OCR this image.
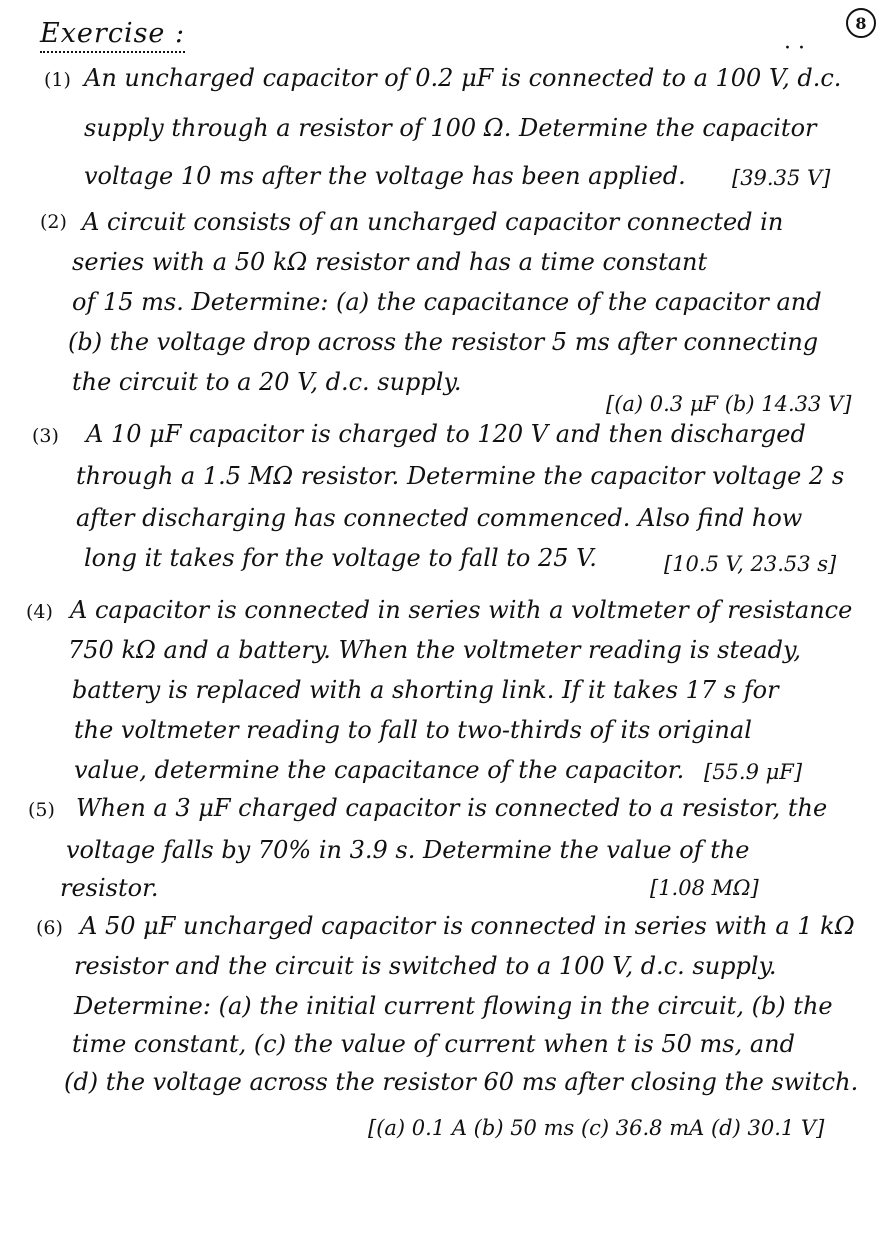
Exercise :	8
· ·
(1) An uncharged capacitor of 0.2 μF is connected to a 100 V, d.c.
supply through a resistor of 100 Ω. Determine the capacitor
voltage 10 ms after the voltage has been applied. [39.35 V]
(2) A circuit consists of an uncharged capacitor connected in
series with a 50 kΩ resistor and has a time constant
of 15 ms. Determine: (a) the capacitance of the capacitor and
(b) the voltage drop across the resistor 5 ms after connecting
the circuit to a 20 V, d.c. supply.
[(a) 0.3 μF (b) 14.33 V]
(3) A 10 μF capacitor is charged to 120 V and then discharged
through a 1.5 MΩ resistor. Determine the capacitor voltage 2 s
after discharging has connected commenced. Also find how
long it takes for the voltage to fall to 25 V.	[10.5 V, 23.53 s]
(4) A capacitor is connected in series with a voltmeter of resistance
750 kΩ and a battery. When the voltmeter reading is steady,
battery is replaced with a shorting link. If it takes 17 s for
the voltmeter reading to fall to two-thirds of its original
value, determine the capacitance of the capacitor. [55.9 μF]
(5) When a 3 μF charged capacitor is connected to a resistor, the
voltage falls by 70% in 3.9 s. Determine the value of the
resistor.	[1.08 MΩ]
(6) A 50 μF uncharged capacitor is connected in series with a 1 kΩ
resistor and the circuit is switched to a 100 V, d.c. supply.
Determine: (a) the initial current flowing in the circuit, (b) the
time constant, (c) the value of current when t is 50 ms, and
(d) the voltage across the resistor 60 ms after closing the switch.
[(a) 0.1 A (b) 50 ms (c) 36.8 mA (d) 30.1 V]
